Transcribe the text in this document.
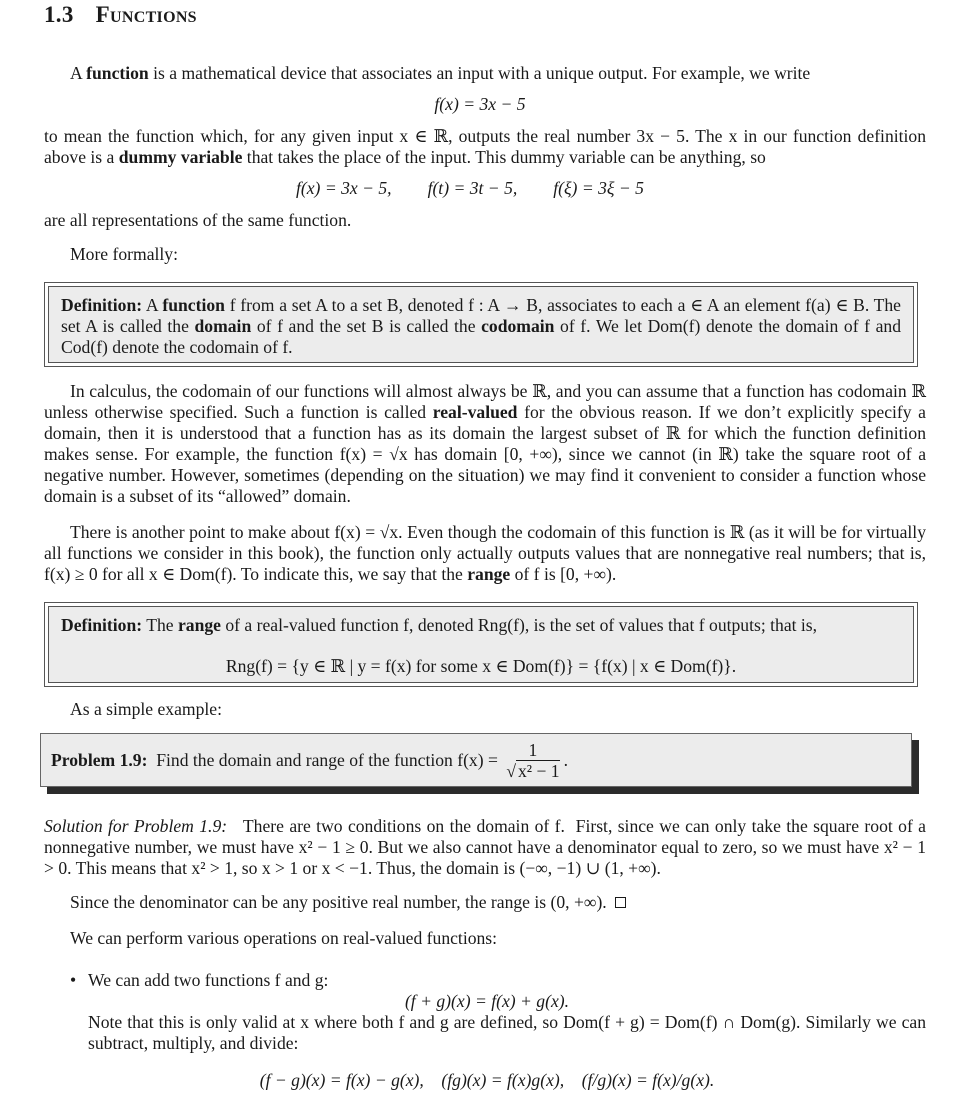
1.3 Functions
A function is a mathematical device that associates an input with a unique output. For example, we write
f(x) = 3x − 5
to mean the function which, for any given input x ∈ ℝ, outputs the real number 3x − 5. The x in our function definition above is a dummy variable that takes the place of the input. This dummy variable can be anything, so
f(x) = 3x − 5, f(t) = 3t − 5, f(ξ) = 3ξ − 5
are all representations of the same function.
More formally:
Definition: A function f from a set A to a set B, denoted f : A → B, associates to each a ∈ A an element f(a) ∈ B. The set A is called the domain of f and the set B is called the codomain of f. We let Dom(f) denote the domain of f and Cod(f) denote the codomain of f.
In calculus, the codomain of our functions will almost always be ℝ, and you can assume that a function has codomain ℝ unless otherwise specified. Such a function is called real-valued for the obvious reason. If we don’t explicitly specify a domain, then it is understood that a function has as its domain the largest subset of ℝ for which the function definition makes sense. For example, the function f(x) = √x has domain [0, +∞), since we cannot (in ℝ) take the square root of a negative number. However, sometimes (depending on the situation) we may find it convenient to consider a function whose domain is a subset of its “allowed” domain.
There is another point to make about f(x) = √x. Even though the codomain of this function is ℝ (as it will be for virtually all functions we consider in this book), the function only actually outputs values that are nonnegative real numbers; that is, f(x) ≥ 0 for all x ∈ Dom(f). To indicate this, we say that the range of f is [0, +∞).
Definition: The range of a real-valued function f, denoted Rng(f), is the set of values that f outputs; that is,
Rng(f) = {y ∈ ℝ | y = f(x) for some x ∈ Dom(f)} = {f(x) | x ∈ Dom(f)}.
As a simple example:
Problem 1.9: Find the domain and range of the function $f(x) = \frac{1}{\text{√ x² − 1}}$ .
Solution for Problem 1.9:   There are two conditions on the domain of f.  First, since we can only take the square root of a nonnegative number, we must have x² − 1 ≥ 0. But we also cannot have a denominator equal to zero, so we must have x² − 1 > 0. This means that x² > 1, so x > 1 or x < −1. Thus, the domain is (−∞, −1) ∪ (1, +∞).
Since the denominator can be any positive real number, the range is (0, +∞).
We can perform various operations on real-valued functions:
• We can add two functions f and g:
(f + g)(x) = f(x) + g(x).
Note that this is only valid at x where both f and g are defined, so Dom(f + g) = Dom(f) ∩ Dom(g). Similarly we can subtract, multiply, and divide:
(f − g)(x) = f(x) − g(x), (fg)(x) = f(x)g(x), (f/g)(x) = f(x)/g(x).
